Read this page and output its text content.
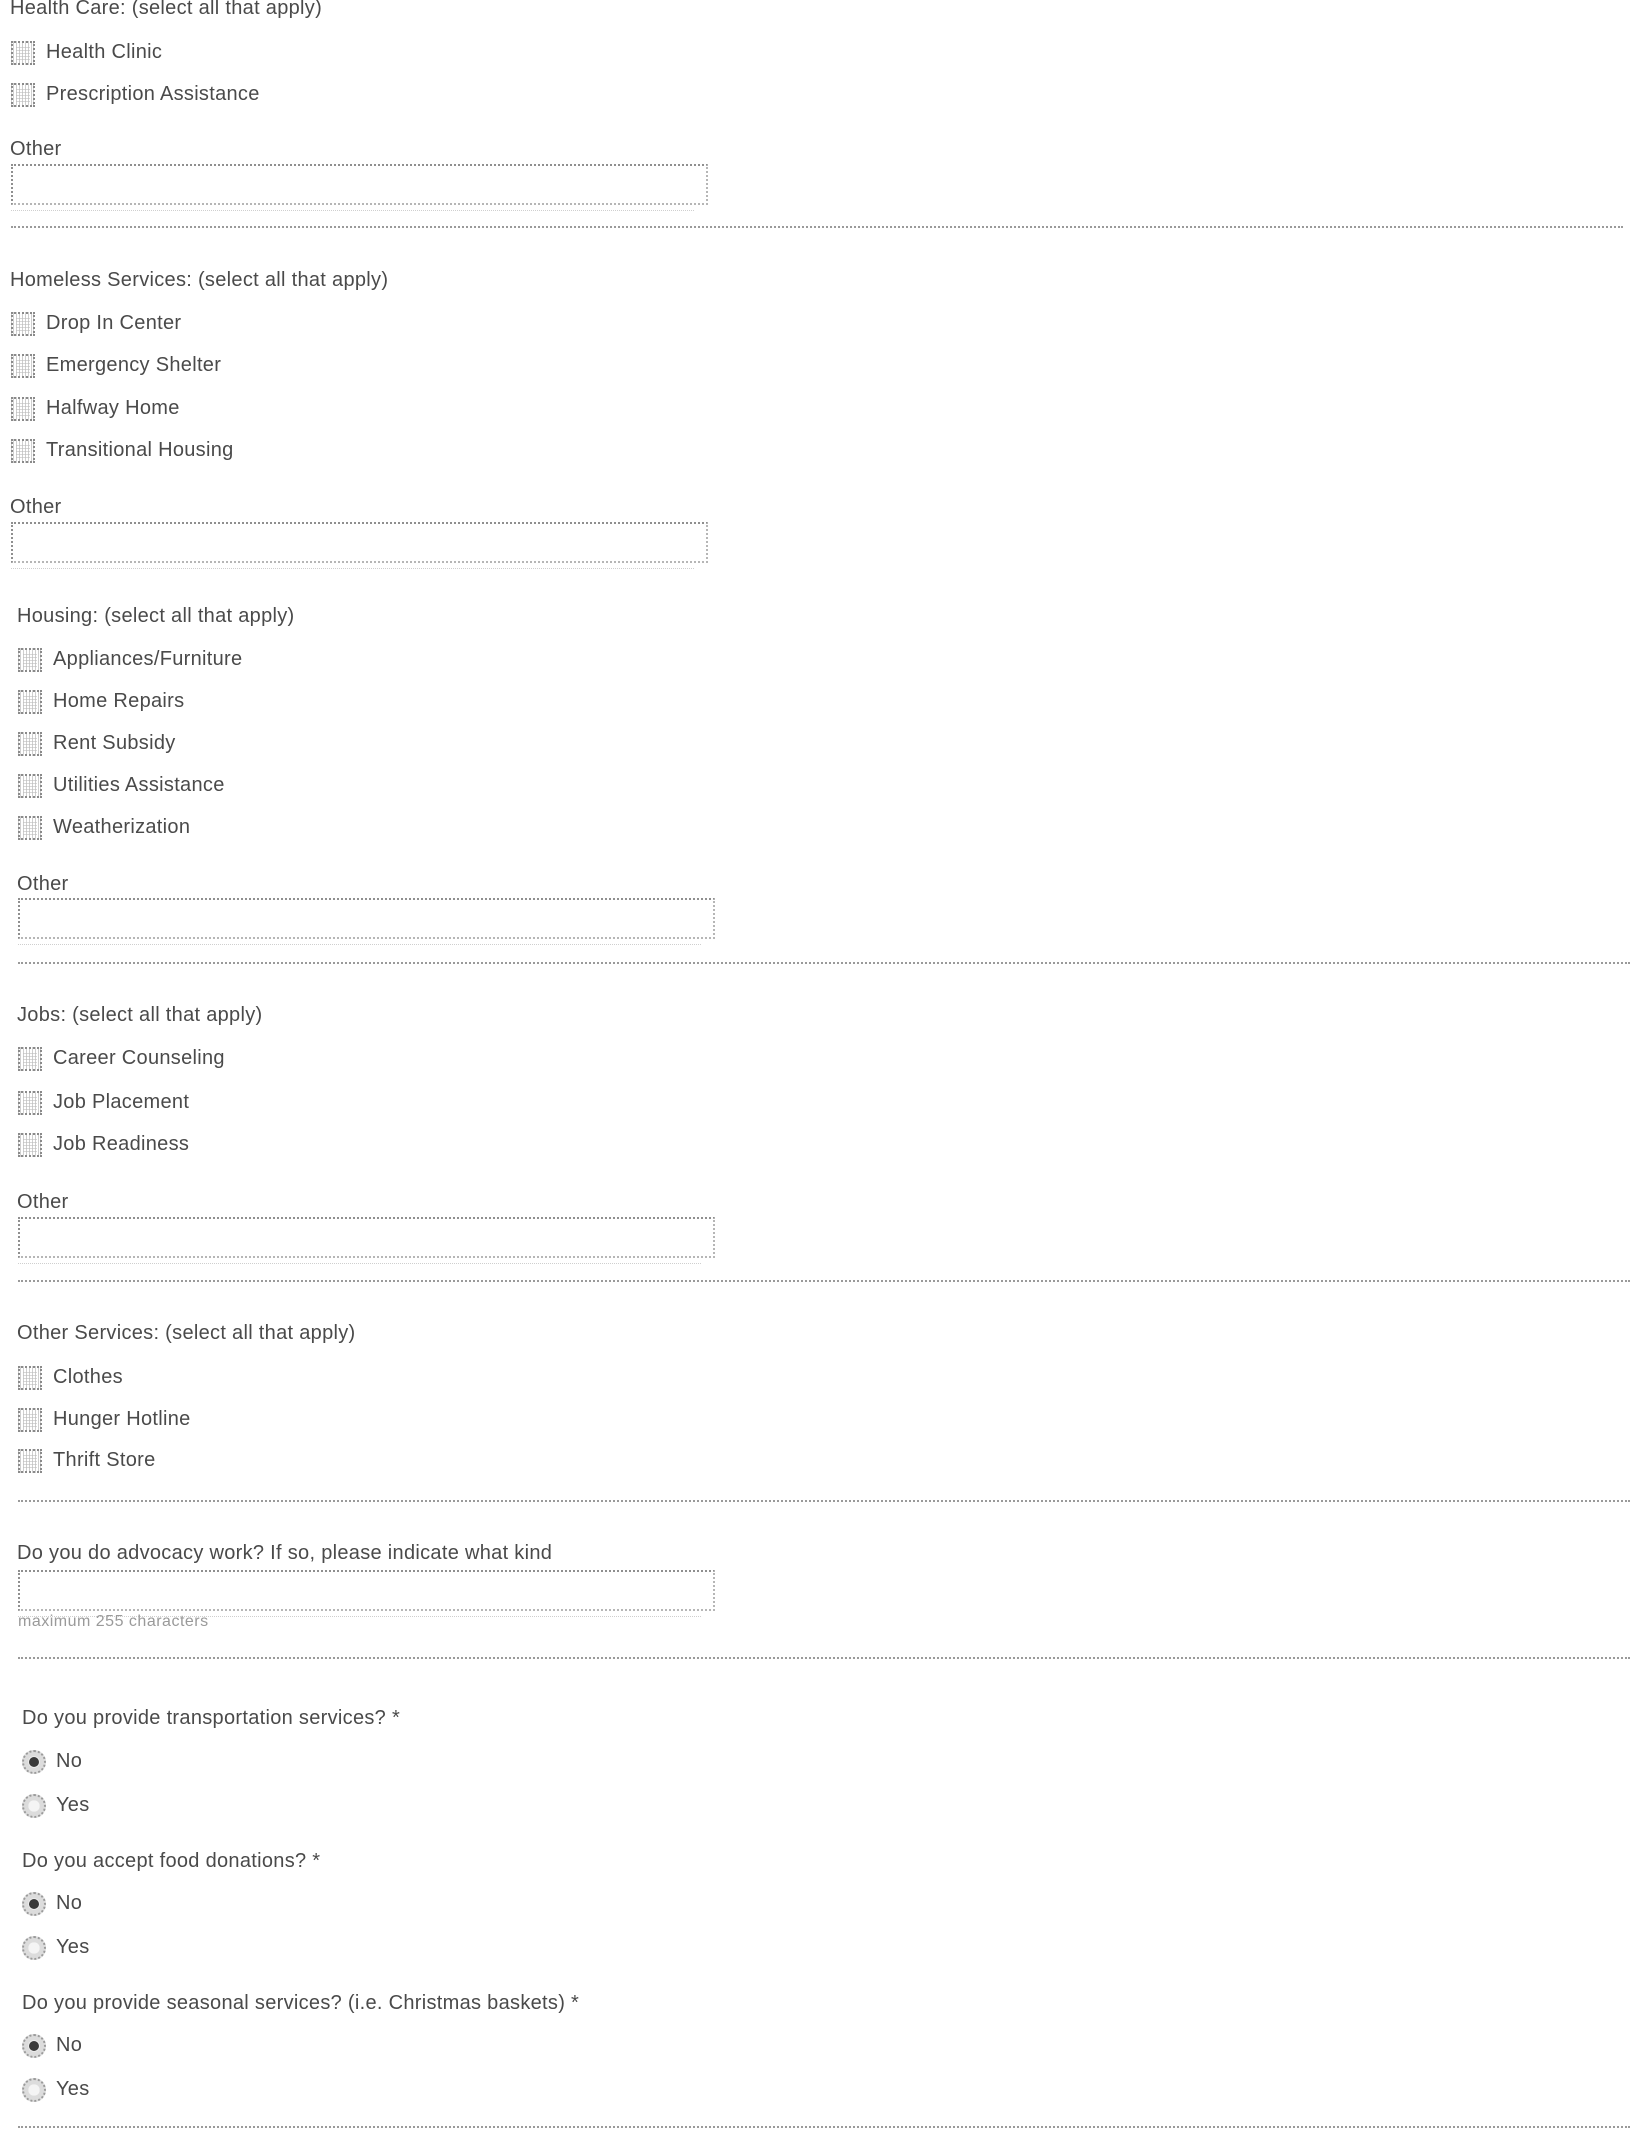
Health Care: (select all that apply)
Health Clinic
Prescription Assistance
Other
Homeless Services: (select all that apply)
Drop In Center
Emergency Shelter
Halfway Home
Transitional Housing
Other
Housing: (select all that apply)
Appliances/Furniture
Home Repairs
Rent Subsidy
Utilities Assistance
Weatherization
Other
Jobs: (select all that apply)
Career Counseling
Job Placement
Job Readiness
Other
Other Services: (select all that apply)
Clothes
Hunger Hotline
Thrift Store
Do you do advocacy work? If so, please indicate what kind
maximum 255 characters
Do you provide transportation services? *
No
Yes
Do you accept food donations? *
No
Yes
Do you provide seasonal services? (i.e. Christmas baskets) *
No
Yes
